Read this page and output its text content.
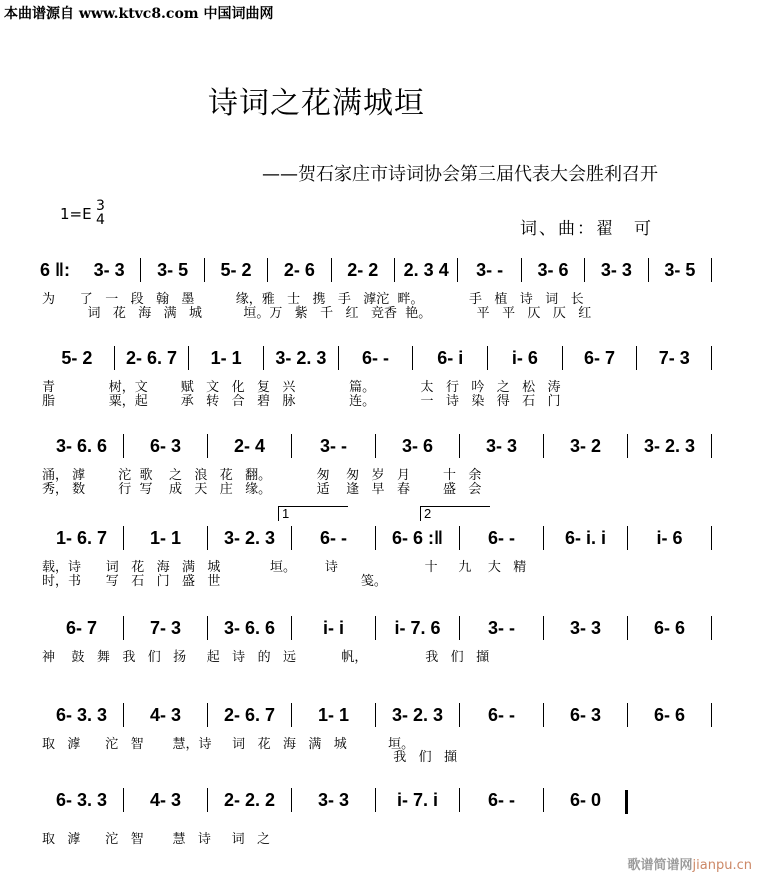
本曲谱源自 www.ktvc8.com 中国词曲网
诗词之花满城垣
——贺石家庄市诗词协会第三届代表大会胜利召开
1=E 3
4	词、曲：翟　可
6 ‖:	3- 3	3- 5	5- 2	2- 6	2- 2	2. 3 4	3- -	3- 6	3- 3	3- 5
为      了   一   段   翰   墨          缘，雅   士   携   手   滹沱  畔。           手   植   诗   词   长
词   花   海   满   城          垣。万   紫   千   红   竞香  艳。           平   平   仄   仄   红
5- 2	2- 6. 7	1- 1	3- 2. 3	6- -	6- i	i- 6	6- 7	7- 3
青             树，文        赋   文   化   复   兴             篇。           太   行   吟   之   松   涛
脂             粟，起        承   转   合   碧   脉             连。           一   诗   染   得   石   门
3- 6. 6	6- 3	2- 4	3- -	3- 6	3- 3	3- 2	3- 2. 3
涌， 滹        沱  歌    之   浪   花   翻。           匆    匆   岁   月        十   余
秀， 数        行  写    成   天   庄   缘。           适    逢   早   春        盛   会
1- 6. 7	1- 1	3- 2. 3	6- -	6- 6 :‖	6- -	6- i. i	i- 6
1	2
载，诗      词   花   海   满   城            垣。       诗                     十     九    大   精
时，书      写   石   门   盛   世                                  笺。
6- 7	7- 3	3- 6. 6	i- i	i- 7. 6	3- -	3- 3	6- 6
神    鼓   舞   我   们   扬     起   诗   的   远           帆，              我   们   擷
6- 3. 3	4- 3	2- 6. 7	1- 1	3- 2. 3	6- -	6- 3	6- 6
取   滹      沱   智       慧，诗     词   花   海   满   城          垣。
我   们   擷
6- 3. 3	4- 3	2- 2. 2	3- 3	i- 7. i	6- -	6- 0
取   滹      沱   智       慧   诗     词   之
歌谱简谱网jianpu.cn
